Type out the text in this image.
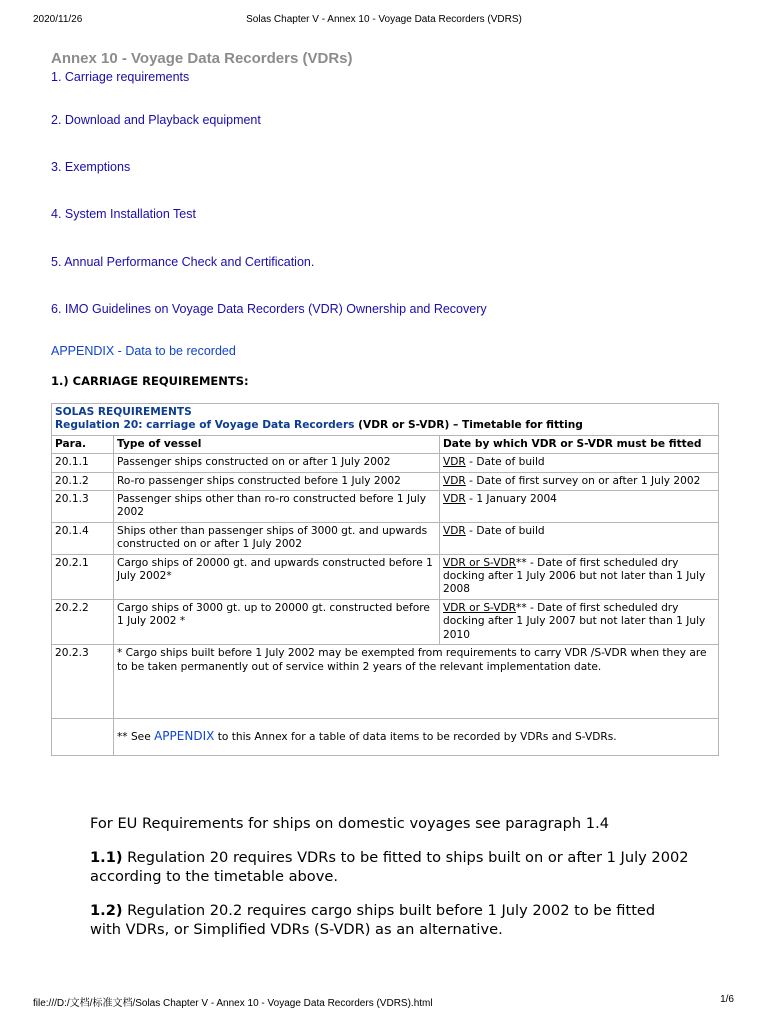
2020/11/26	Solas Chapter V - Annex 10 - Voyage Data Recorders (VDRS)
Annex 10 - Voyage Data Recorders (VDRs)
1. Carriage requirements
2. Download and Playback equipment
3. Exemptions
4. System Installation Test
5. Annual Performance Check and Certification.
6. IMO Guidelines on Voyage Data Recorders (VDR) Ownership and Recovery
APPENDIX - Data to be recorded
1.) CARRIAGE REQUIREMENTS:
SOLAS REQUIREMENTS
Regulation 20: carriage of Voyage Data Recorders (VDR or S-VDR) – Timetable for fitting		

Para.	Type of vessel	Date by which VDR or S-VDR must be fitted
20.1.1	Passenger ships constructed on or after 1 July 2002	VDR - Date of build
20.1.2	Ro-ro passenger ships constructed before 1 July 2002	VDR - Date of first survey on or after 1 July 2002
20.1.3	Passenger ships other than ro-ro constructed before 1 July 2002	VDR - 1 January 2004
20.1.4	Ships other than passenger ships of 3000 gt. and upwards constructed on or after 1 July 2002	VDR - Date of build
20.2.1	Cargo ships of 20000 gt. and upwards constructed before 1 July 2002*	VDR or S-VDR** - Date of first scheduled dry docking after 1 July 2006 but not later than 1 July 2008
20.2.2	Cargo ships of 3000 gt. up to 20000 gt. constructed before 1 July 2002 *	VDR or S-VDR** - Date of first scheduled dry docking after 1 July 2007 but not later than 1 July 2010
20.2.3	* Cargo ships built before 1 July 2002 may be exempted from requirements to carry VDR /S-VDR when they are to be taken permanently out of service within 2 years of the relevant implementation date.	
	** See APPENDIX to this Annex for a table of data items to be recorded by VDRs and S-VDRs.	

For EU Requirements for ships on domestic voyages see paragraph 1.4

1.1) Regulation 20 requires VDRs to be fitted to ships built on or after 1 July 2002 according to the timetable above.

1.2) Regulation 20.2 requires cargo ships built before 1 July 2002 to be fitted with VDRs, or Simplified VDRs (S-VDR) as an alternative.

file:///D:/文档/标准文档/Solas Chapter V - Annex 10 - Voyage Data Recorders (VDRS).html	1/6
